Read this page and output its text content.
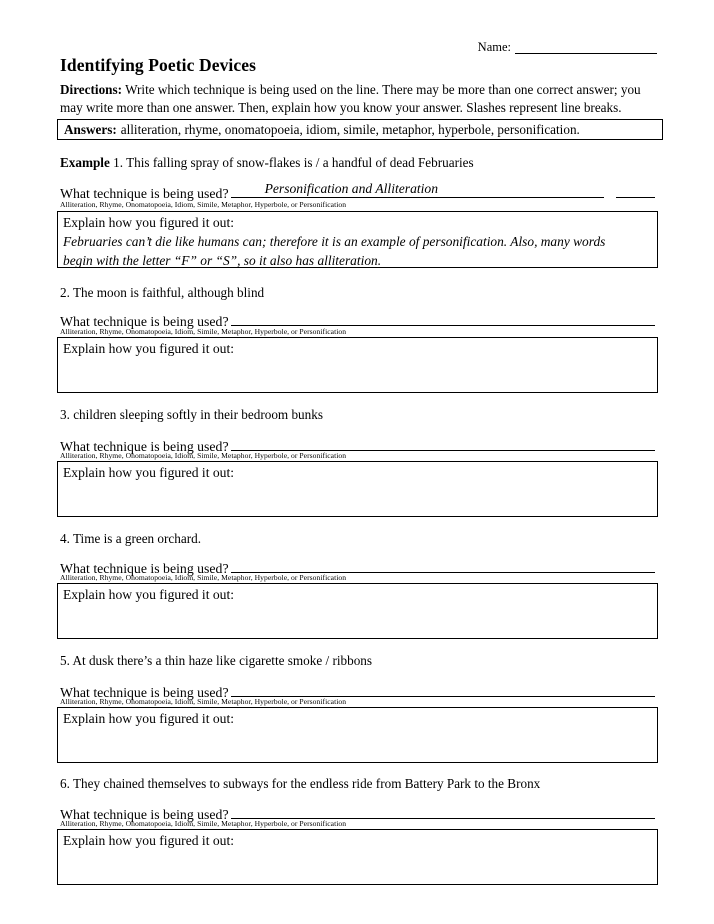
Name:
Identifying Poetic Devices
Directions: Write which technique is being used on the line. There may be more than one correct answer; you may write more than one answer. Then, explain how you know your answer. Slashes represent line breaks.
Answers: alliteration, rhyme, onomatopoeia, idiom, simile, metaphor, hyperbole, personification.
Example 1. This falling spray of snow-flakes is / a handful of dead Februaries
What technique is being used?	Personification and Alliteration
Alliteration, Rhyme, Onomatopoeia, Idiom, Simile, Metaphor, Hyperbole, or Personification
Explain how you figured it out:
Februaries can’t die like humans can; therefore it is an example of personification. Also, many words
begin with the letter “F” or “S”, so it also has alliteration.
2. The moon is faithful, although blind
What technique is being used?
Alliteration, Rhyme, Onomatopoeia, Idiom, Simile, Metaphor, Hyperbole, or Personification
Explain how you figured it out:
3. children sleeping softly in their bedroom bunks
What technique is being used?
Alliteration, Rhyme, Onomatopoeia, Idiom, Simile, Metaphor, Hyperbole, or Personification
Explain how you figured it out:
4. Time is a green orchard.
What technique is being used?
Alliteration, Rhyme, Onomatopoeia, Idiom, Simile, Metaphor, Hyperbole, or Personification
Explain how you figured it out:
5. At dusk there’s a thin haze like cigarette smoke / ribbons
What technique is being used?
Alliteration, Rhyme, Onomatopoeia, Idiom, Simile, Metaphor, Hyperbole, or Personification
Explain how you figured it out:
6. They chained themselves to subways for the endless ride from Battery Park to the Bronx
What technique is being used?
Alliteration, Rhyme, Onomatopoeia, Idiom, Simile, Metaphor, Hyperbole, or Personification
Explain how you figured it out:
